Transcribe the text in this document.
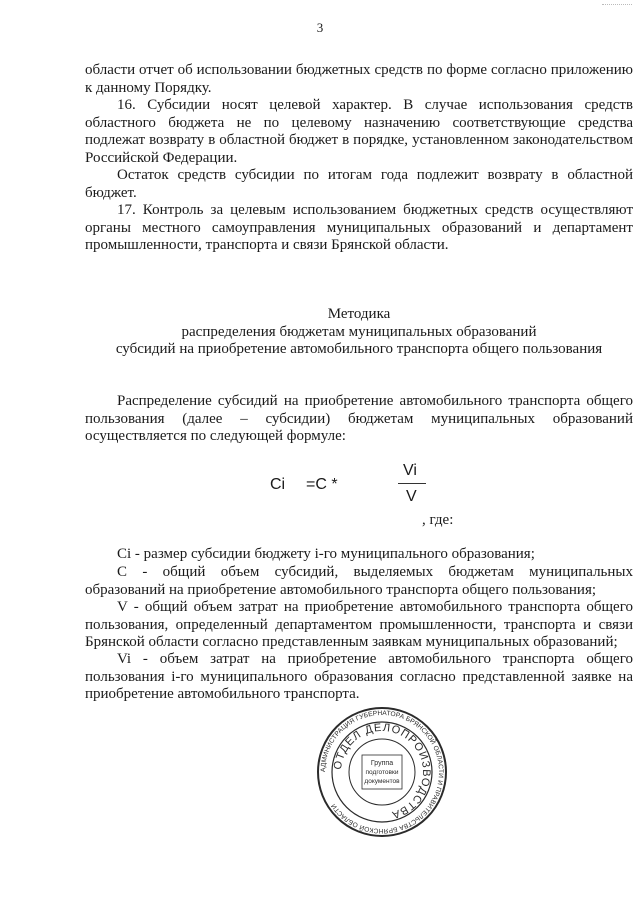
3

области отчет об использовании бюджетных средств по форме согласно приложению к данному Порядку.

16. Субсидии носят целевой характер. В случае использования средств областного бюджета не по целевому назначению соответствующие средства подлежат возврату в областной бюджет в порядке, установленном законодательством Российской Федерации.

Остаток средств субсидии по итогам года подлежит возврату в областной бюджет.

17. Контроль за целевым использованием бюджетных средств осуществляют органы местного самоуправления муниципальных образований и департамент промышленности, транспорта и связи Брянской области.

Методика
распределения бюджетам муниципальных образований
субсидий на приобретение автомобильного транспорта общего пользования

Распределение субсидий на приобретение автомобильного транспорта общего пользования (далее – субсидии) бюджетам муниципальных образований осуществляется по следующей формуле:

Ci =С *
Vi
V
, где:

Ci - размер субсидии бюджету i-го муниципального образования;

С - общий объем субсидий, выделяемых бюджетам муниципальных образований на приобретение автомобильного транспорта общего пользования;

V - общий объем затрат на приобретение автомобильного транспорта общего пользования, определенный департаментом промышленности, транспорта и связи Брянской области согласно представленным заявкам муниципальных образований;

Vi - объем затрат на приобретение автомобильного транспорта общего пользования i-го муниципального образования согласно представленной заявке на приобретение автомобильного транспорта.

АДМИНИСТРАЦИЯ ГУБЕРНАТОРА БРЯНСКОЙ ОБЛАСТИ И ПРАВИТЕЛЬСТВА БРЯНСКОЙ ОБЛАСТИ
ОТДЕЛ ДЕЛОПРОИЗВОДСТВА
Группа
подготовки
документов
